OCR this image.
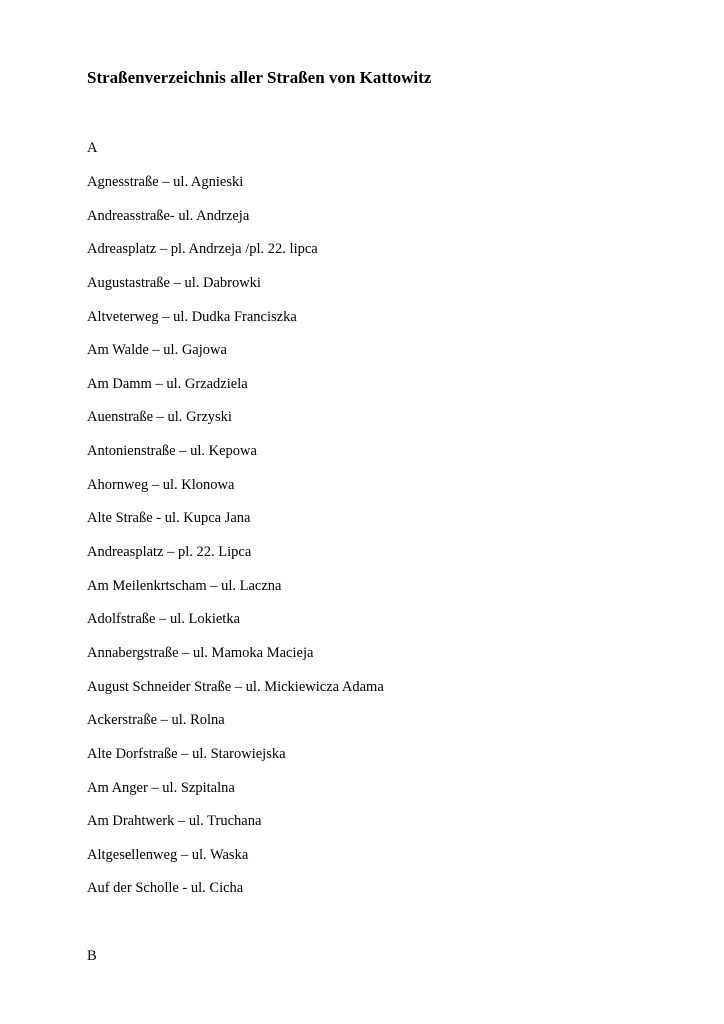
Straßenverzeichnis aller Straßen von Kattowitz
A
Agnesstraße – ul. Agnieski
Andreasstraße- ul. Andrzeja
Adreasplatz – pl. Andrzeja /pl. 22. lipca
Augustastraße – ul. Dabrowki
Altveterweg – ul. Dudka Franciszka
Am Walde – ul. Gajowa
Am Damm – ul. Grzadziela
Auenstraße – ul. Grzyski
Antonienstraße – ul. Kepowa
Ahornweg – ul. Klonowa
Alte Straße - ul. Kupca Jana
Andreasplatz – pl. 22. Lipca
Am Meilenkrtscham – ul. Laczna
Adolfstraße – ul. Lokietka
Annabergstraße – ul. Mamoka Macieja
August Schneider Straße – ul. Mickiewicza Adama
Ackerstraße – ul. Rolna
Alte Dorfstraße – ul. Starowiejska
Am Anger – ul. Szpitalna
Am Drahtwerk – ul. Truchana
Altgesellenweg – ul. Waska
Auf der Scholle - ul. Cicha
B
